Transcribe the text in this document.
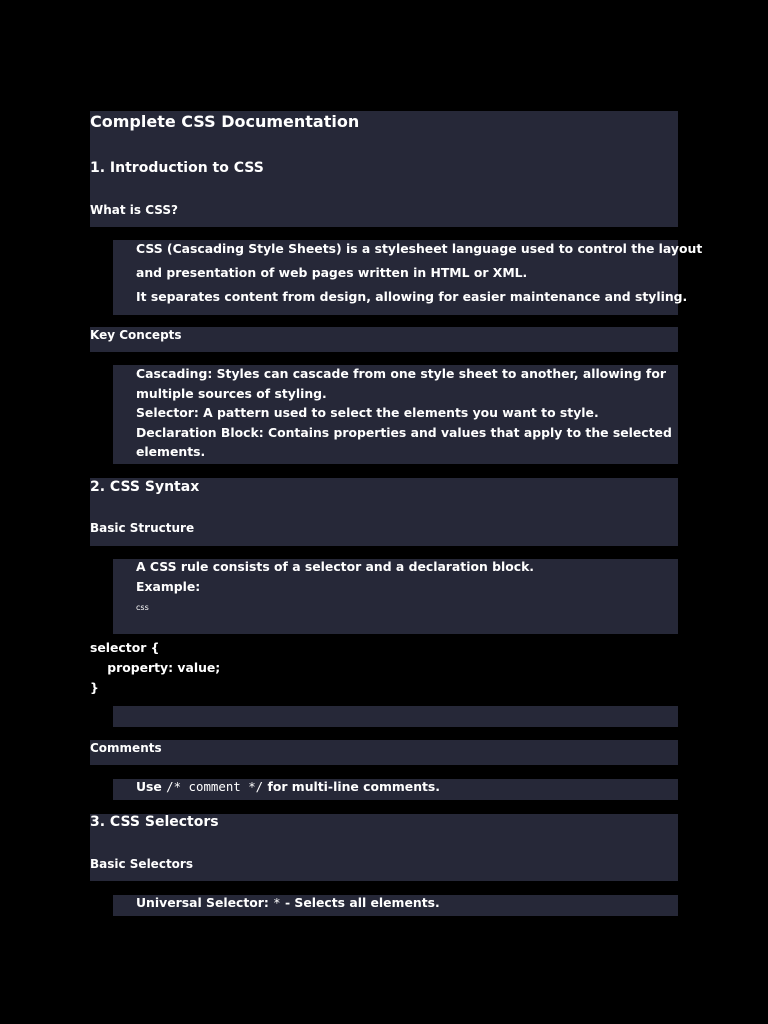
Complete CSS Documentation
1. Introduction to CSS
What is CSS?
CSS (Cascading Style Sheets) is a stylesheet language used to control the layout
and presentation of web pages written in HTML or XML.
It separates content from design, allowing for easier maintenance and styling.
Key Concepts
Cascading: Styles can cascade from one style sheet to another, allowing for
multiple sources of styling.
Selector: A pattern used to select the elements you want to style.
Declaration Block: Contains properties and values that apply to the selected
elements.
2. CSS Syntax
Basic Structure
A CSS rule consists of a selector and a declaration block.
Example:
css
selector {
property: value;
}
Comments
Use /* comment */ for multi-line comments.
3. CSS Selectors
Basic Selectors
Universal Selector: * - Selects all elements.
